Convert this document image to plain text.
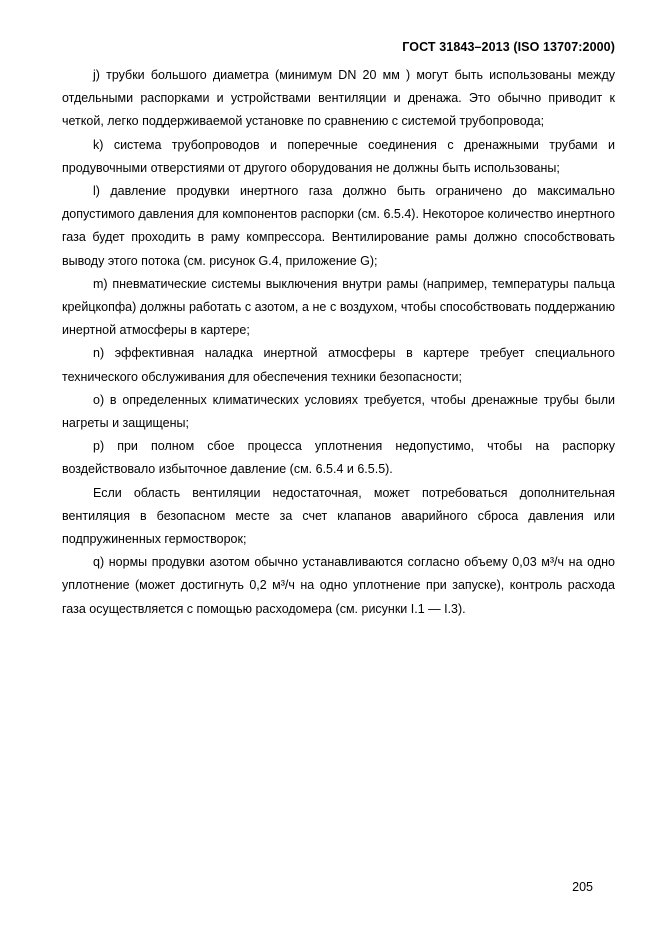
ГОСТ 31843–2013 (ISO 13707:2000)

j) трубки большого диаметра (минимум DN 20 мм ) могут быть использованы между отдельными распорками и устройствами вентиляции и дренажа. Это обычно приводит к четкой, легко поддерживаемой установке по сравнению с системой трубопровода;

k) система трубопроводов и поперечные соединения с дренажными трубами и продувочными отверстиями от другого оборудования не должны быть использованы;

l) давление продувки инертного газа должно быть ограничено до максимально допустимого давления для компонентов распорки (см. 6.5.4). Некоторое количество инертного газа будет проходить в раму компрессора. Вентилирование рамы должно способствовать выводу этого потока (см. рисунок G.4, приложение G);

m) пневматические системы выключения внутри рамы (например, температуры пальца крейцкопфа) должны работать с азотом, а не с воздухом, чтобы способствовать поддержанию инертной атмосферы в картере;

n) эффективная наладка инертной атмосферы в картере требует специального технического обслуживания для обеспечения техники безопасности;

o) в определенных климатических условиях требуется, чтобы дренажные трубы были нагреты и защищены;

p) при полном сбое процесса уплотнения недопустимо, чтобы на распорку воздействовало избыточное давление (см. 6.5.4 и 6.5.5).

Если область вентиляции недостаточная, может потребоваться дополнительная вентиляция в безопасном месте за счет клапанов аварийного сброса давления или подпружиненных гермостворок;

q) нормы продувки азотом обычно устанавливаются согласно объему 0,03 м³/ч на одно уплотнение (может достигнуть 0,2 м³/ч на одно уплотнение при запуске), контроль расхода газа осуществляется с помощью расходомера (см. рисунки I.1 — I.3).

205
